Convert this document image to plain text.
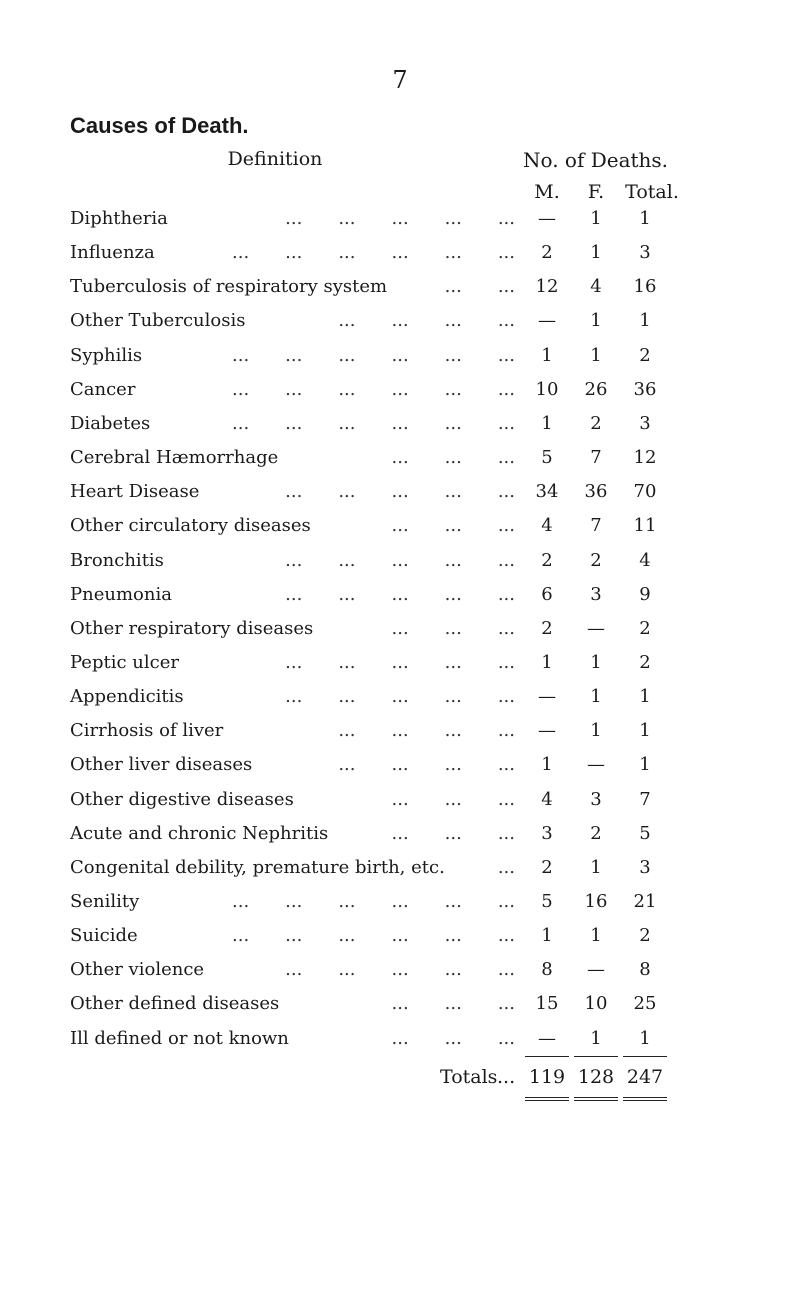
7
Causes of Death.
Definition	No. of Deaths.
M.	F.	Total.
Diphtheria	—	1	1
...  ...  ...  ...  ...
Influenza	2	1	3
...  ...  ...  ...  ...  ...
Tuberculosis of respiratory system	12	4	16
...  ...
Other Tuberculosis	—	1	1
...  ...  ...  ...
Syphilis	1	1	2
...  ...  ...  ...  ...  ...
Cancer	10	26	36
...  ...  ...  ...  ...  ...
Diabetes	1	2	3
...  ...  ...  ...  ...  ...
Cerebral Hæmorrhage	5	7	12
...  ...  ...
Heart Disease	34	36	70
...  ...  ...  ...  ...
Other circulatory diseases	4	7	11
...  ...  ...
Bronchitis	2	2	4
...  ...  ...  ...  ...
Pneumonia	6	3	9
...  ...  ...  ...  ...
Other respiratory diseases	2	—	2
...  ...  ...
Peptic ulcer	1	1	2
...  ...  ...  ...  ...
Appendicitis	—	1	1
...  ...  ...  ...  ...
Cirrhosis of liver	—	1	1
...  ...  ...  ...
Other liver diseases	1	—	1
...  ...  ...  ...
Other digestive diseases	4	3	7
...  ...  ...
Acute and chronic Nephritis	3	2	5
...  ...  ...
Congenital debility, premature birth, etc.	2	1	3
...
Senility	5	16	21
...  ...  ...  ...  ...  ...
Suicide	1	1	2
...  ...  ...  ...  ...  ...
Other violence	8	—	8
...  ...  ...  ...  ...
Other defined diseases	15	10	25
...  ...  ...
Ill defined or not known	—	1	1
...  ...  ...
Totals ... 119 128 247
